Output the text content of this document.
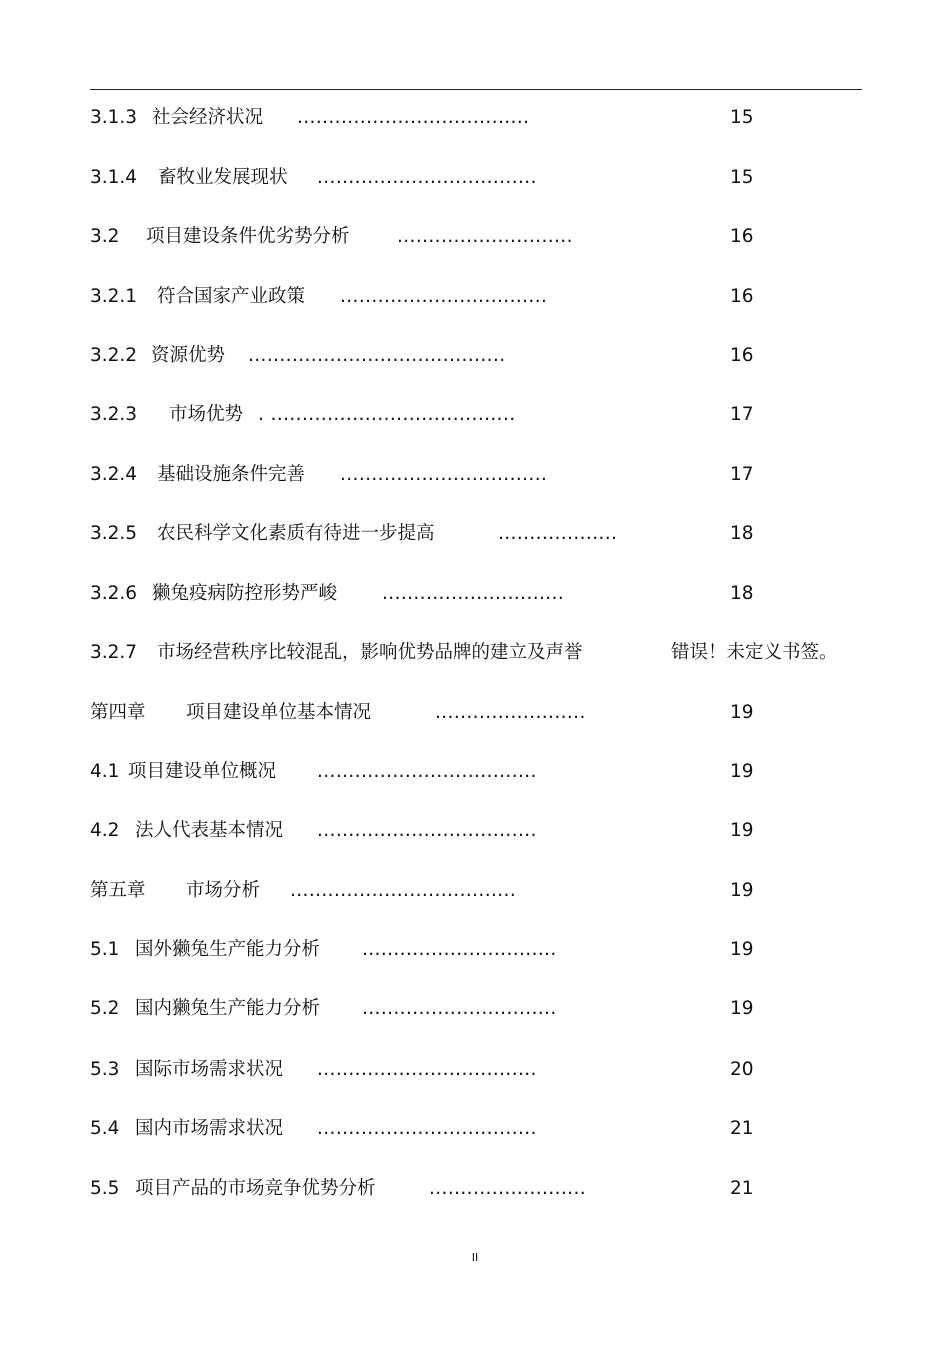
3.1.3 社会经济状况 .....................................	15
3.1.4 畜牧业发展现状 ...................................	15
3.2 项目建设条件优劣势分析	............................	16
3.2.1 符合国家产业政策 .................................	16
3.2.2 资源优势 .........................................	16
3.2.3 市场优势 . .......................................	17
3.2.4 基础设施条件完善 .................................	17
3.2.5 农民科学文化素质有待进一步提高	...................	18
3.2.6 獭兔疫病防控形势严峻 .............................	18
3.2.7 市场经营秩序比较混乱，影响优势品牌的建立及声誉	错误！未定义书签。
第四章 项目建设单位基本情况	........................	19
4.1 项目建设单位概况 ...................................	19
4.2 法人代表基本情况 ...................................	19
第五章 市场分析 ....................................	19
5.1 国外獭兔生产能力分析 ...............................	19
5.2 国内獭兔生产能力分析 ...............................	19
5.3 国际市场需求状况 ...................................	20
5.4 国内市场需求状况 ...................................	21
5.5 项目产品的市场竞争优势分析	.........................	21
II
